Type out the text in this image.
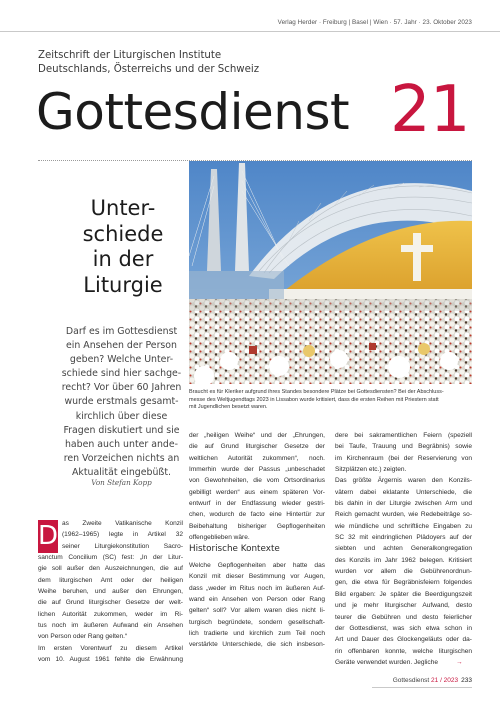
Verlag Herder · Freiburg | Basel | Wien · 57. Jahr · 23. Oktober 2023
Zeitschrift der Liturgischen Institute
Deutschlands, Österreichs und der Schweiz
Gottesdienst 21
Unter-
schiede
in der
Liturgie
Darf es im Gottesdienst
ein Ansehen der Person
geben? Welche Unter-
schiede sind hier sachge-
recht? Vor über 60 Jahren
wurde erstmals gesamt-
kirchlich über diese
Fragen diskutiert und sie
haben auch unter ande-
ren Vorzeichen nichts an
Aktualität eingebüßt.
Von Stefan Kopp
Braucht es für Kleriker aufgrund ihres Standes besondere Plätze bei Gottesdiensten? Bei der Abschluss-
messe des Weltjugendtags 2023 in Lissabon wurde kritisiert, dass die ersten Reihen mit Priestern statt
mit Jugendlichen besetzt waren.
D as Zweite Vatikanische Konzil
(1962–1965) legte in Artikel 32
seiner Liturgiekonstitution Sacro-
sanctum Concilium (SC) fest: „In der Litur-
gie soll außer den Auszeichnungen, die auf
dem liturgischen Amt oder der heiligen
Weihe beruhen, und außer den Ehrungen,
die auf Grund liturgischer Gesetze der welt-
lichen Autorität zukommen, weder im Ri-
tus noch im äußeren Aufwand ein Ansehen
von Person oder Rang gelten.“
Im ersten Vorentwurf zu diesem Artikel
vom 10. August 1961 fehlte die Erwähnung
der „heiligen Weihe“ und der „Ehrungen,
die auf Grund liturgischer Gesetze der
weltlichen Autorität zukommen“, noch.
Immerhin wurde der Passus „unbeschadet
von Gewohnheiten, die vom Ortsordinarius
gebilligt werden“ aus einem späteren Vor-
entwurf in der Endfassung wieder gestri-
chen, wodurch de facto eine Hintertür zur
Beibehaltung bisheriger Gepflogenheiten
offengeblieben wäre.
Historische Kontexte
Welche Gepflogenheiten aber hatte das
Konzil mit dieser Bestimmung vor Augen,
dass „weder im Ritus noch im äußeren Auf-
wand ein Ansehen von Person oder Rang
gelten“ soll? Vor allem waren dies nicht li-
turgisch begründete, sondern gesellschaft-
lich tradierte und kirchlich zum Teil noch
verstärkte Unterschiede, die sich insbeson-
dere bei sakramentlichen Feiern (speziell
bei Taufe, Trauung und Begräbnis) sowie
im Kirchenraum (bei der Reservierung von
Sitzplätzen etc.) zeigten.
Das größte Ärgernis waren den Konzils-
vätern dabei eklatante Unterschiede, die
bis dahin in der Liturgie zwischen Arm und
Reich gemacht wurden, wie Redebeiträge so-
wie mündliche und schriftliche Eingaben zu
SC 32 mit eindringlichen Plädoyers auf der
siebten und achten Generalkongregation
des Konzils im Jahr 1962 belegen. Kritisiert
wurden vor allem die Gebührenordnun-
gen, die etwa für Begräbnisfeiern folgendes
Bild ergaben: Je später die Beerdigungszeit
und je mehr liturgischer Aufwand, desto
teurer die Gebühren und desto feierlicher
der Gottesdienst, was sich etwa schon in
Art und Dauer des Glockengeläuts oder da-
rin offenbaren konnte, welche liturgischen
Geräte verwendet wurden. Jegliche	→
Gottesdienst 21 / 2023 233
